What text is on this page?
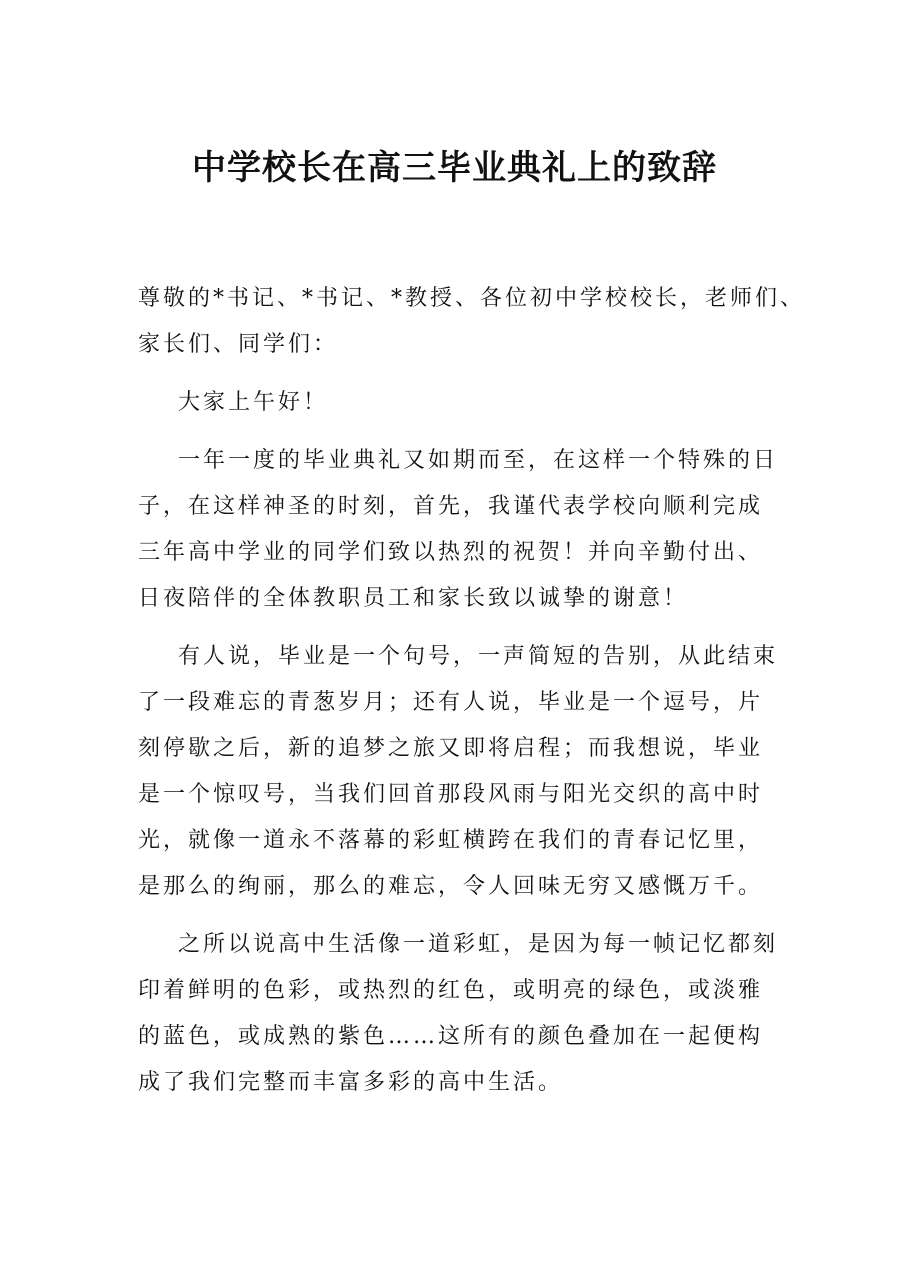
中学校长在高三毕业典礼上的致辞

尊敬的*书记、*书记、*教授、各位初中学校校长，老师们、
家长们、同学们：

大家上午好！

一年一度的毕业典礼又如期而至，在这样一个特殊的日
子，在这样神圣的时刻，首先，我谨代表学校向顺利完成
三年高中学业的同学们致以热烈的祝贺！并向辛勤付出、
日夜陪伴的全体教职员工和家长致以诚挚的谢意！

有人说，毕业是一个句号，一声简短的告别，从此结束
了一段难忘的青葱岁月；还有人说，毕业是一个逗号，片
刻停歇之后，新的追梦之旅又即将启程；而我想说，毕业
是一个惊叹号，当我们回首那段风雨与阳光交织的高中时
光，就像一道永不落幕的彩虹横跨在我们的青春记忆里，
是那么的绚丽，那么的难忘，令人回味无穷又感慨万千。

之所以说高中生活像一道彩虹，是因为每一帧记忆都刻
印着鲜明的色彩，或热烈的红色，或明亮的绿色，或淡雅
的蓝色，或成熟的紫色……这所有的颜色叠加在一起便构
成了我们完整而丰富多彩的高中生活。
